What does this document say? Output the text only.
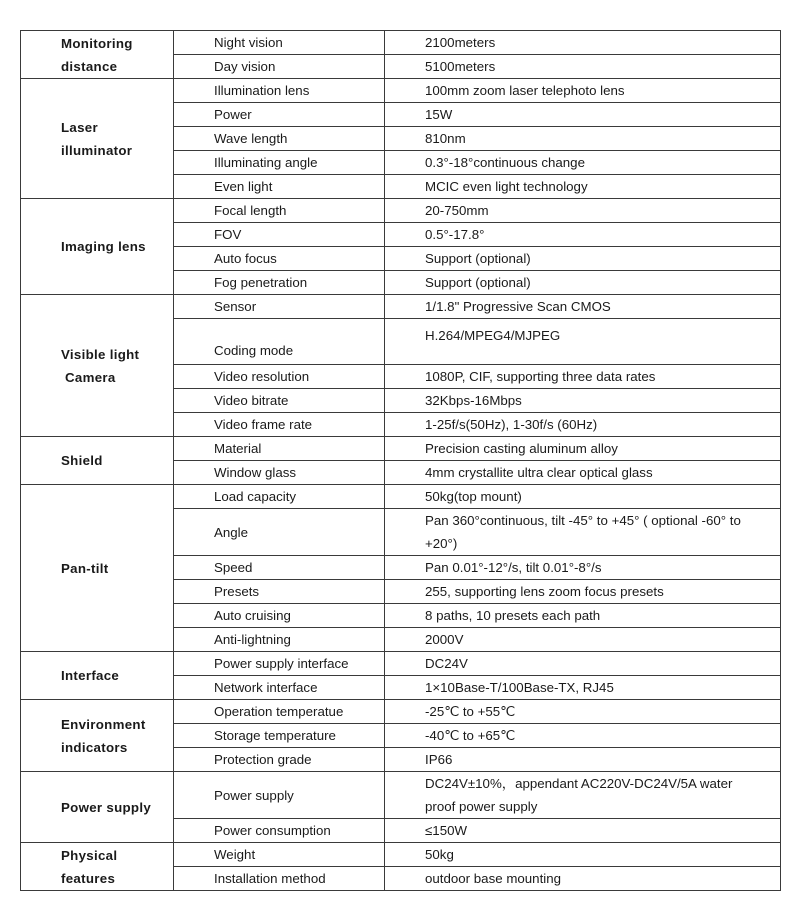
Monitoring
distance	Night vision	2100meters
	Day vision	5100meters

Laser
illuminator	Illumination lens	100mm zoom laser telephoto lens
	Power	15W
	Wave length	810nm
	Illuminating angle	0.3°-18°continuous change
	Even light	MCIC even light technology

Imaging lens	Focal length	20-750mm
	FOV	0.5°-17.8°
	Auto focus	Support (optional)
	Fog penetration	Support (optional)

Visible light
Camera	Sensor	1/1.8" Progressive Scan CMOS
	Coding mode	H.264/MPEG4/MJPEG
	Video resolution	1080P, CIF, supporting three data rates
	Video bitrate	32Kbps-16Mbps
	Video frame rate	1-25f/s(50Hz), 1-30f/s (60Hz)

Shield	Material	Precision casting aluminum alloy
	Window glass	4mm crystallite ultra clear optical glass

Pan-tilt	Load capacity	50kg(top mount)
	Angle	Pan 360°continuous, tilt -45° to +45° ( optional -60° to
+20°)

	Speed	Pan 0.01°-12°/s, tilt 0.01°-8°/s
	Presets	255, supporting lens zoom focus presets
	Auto cruising	8 paths, 10 presets each path
	Anti-lightning	2000V

Interface	Power supply interface	DC24V
	Network interface	1×10Base-T/100Base-TX, RJ45

Environment
indicators	Operation temperatue	-25℃ to +55℃
	Storage temperature	-40℃ to +65℃
	Protection grade	IP66

Power supply	Power supply	DC24V±10%，appendant AC220V-DC24V/5A water
proof power supply

	Power consumption	≤150W

Physical
features	Weight	50kg
	Installation method	outdoor base mounting
